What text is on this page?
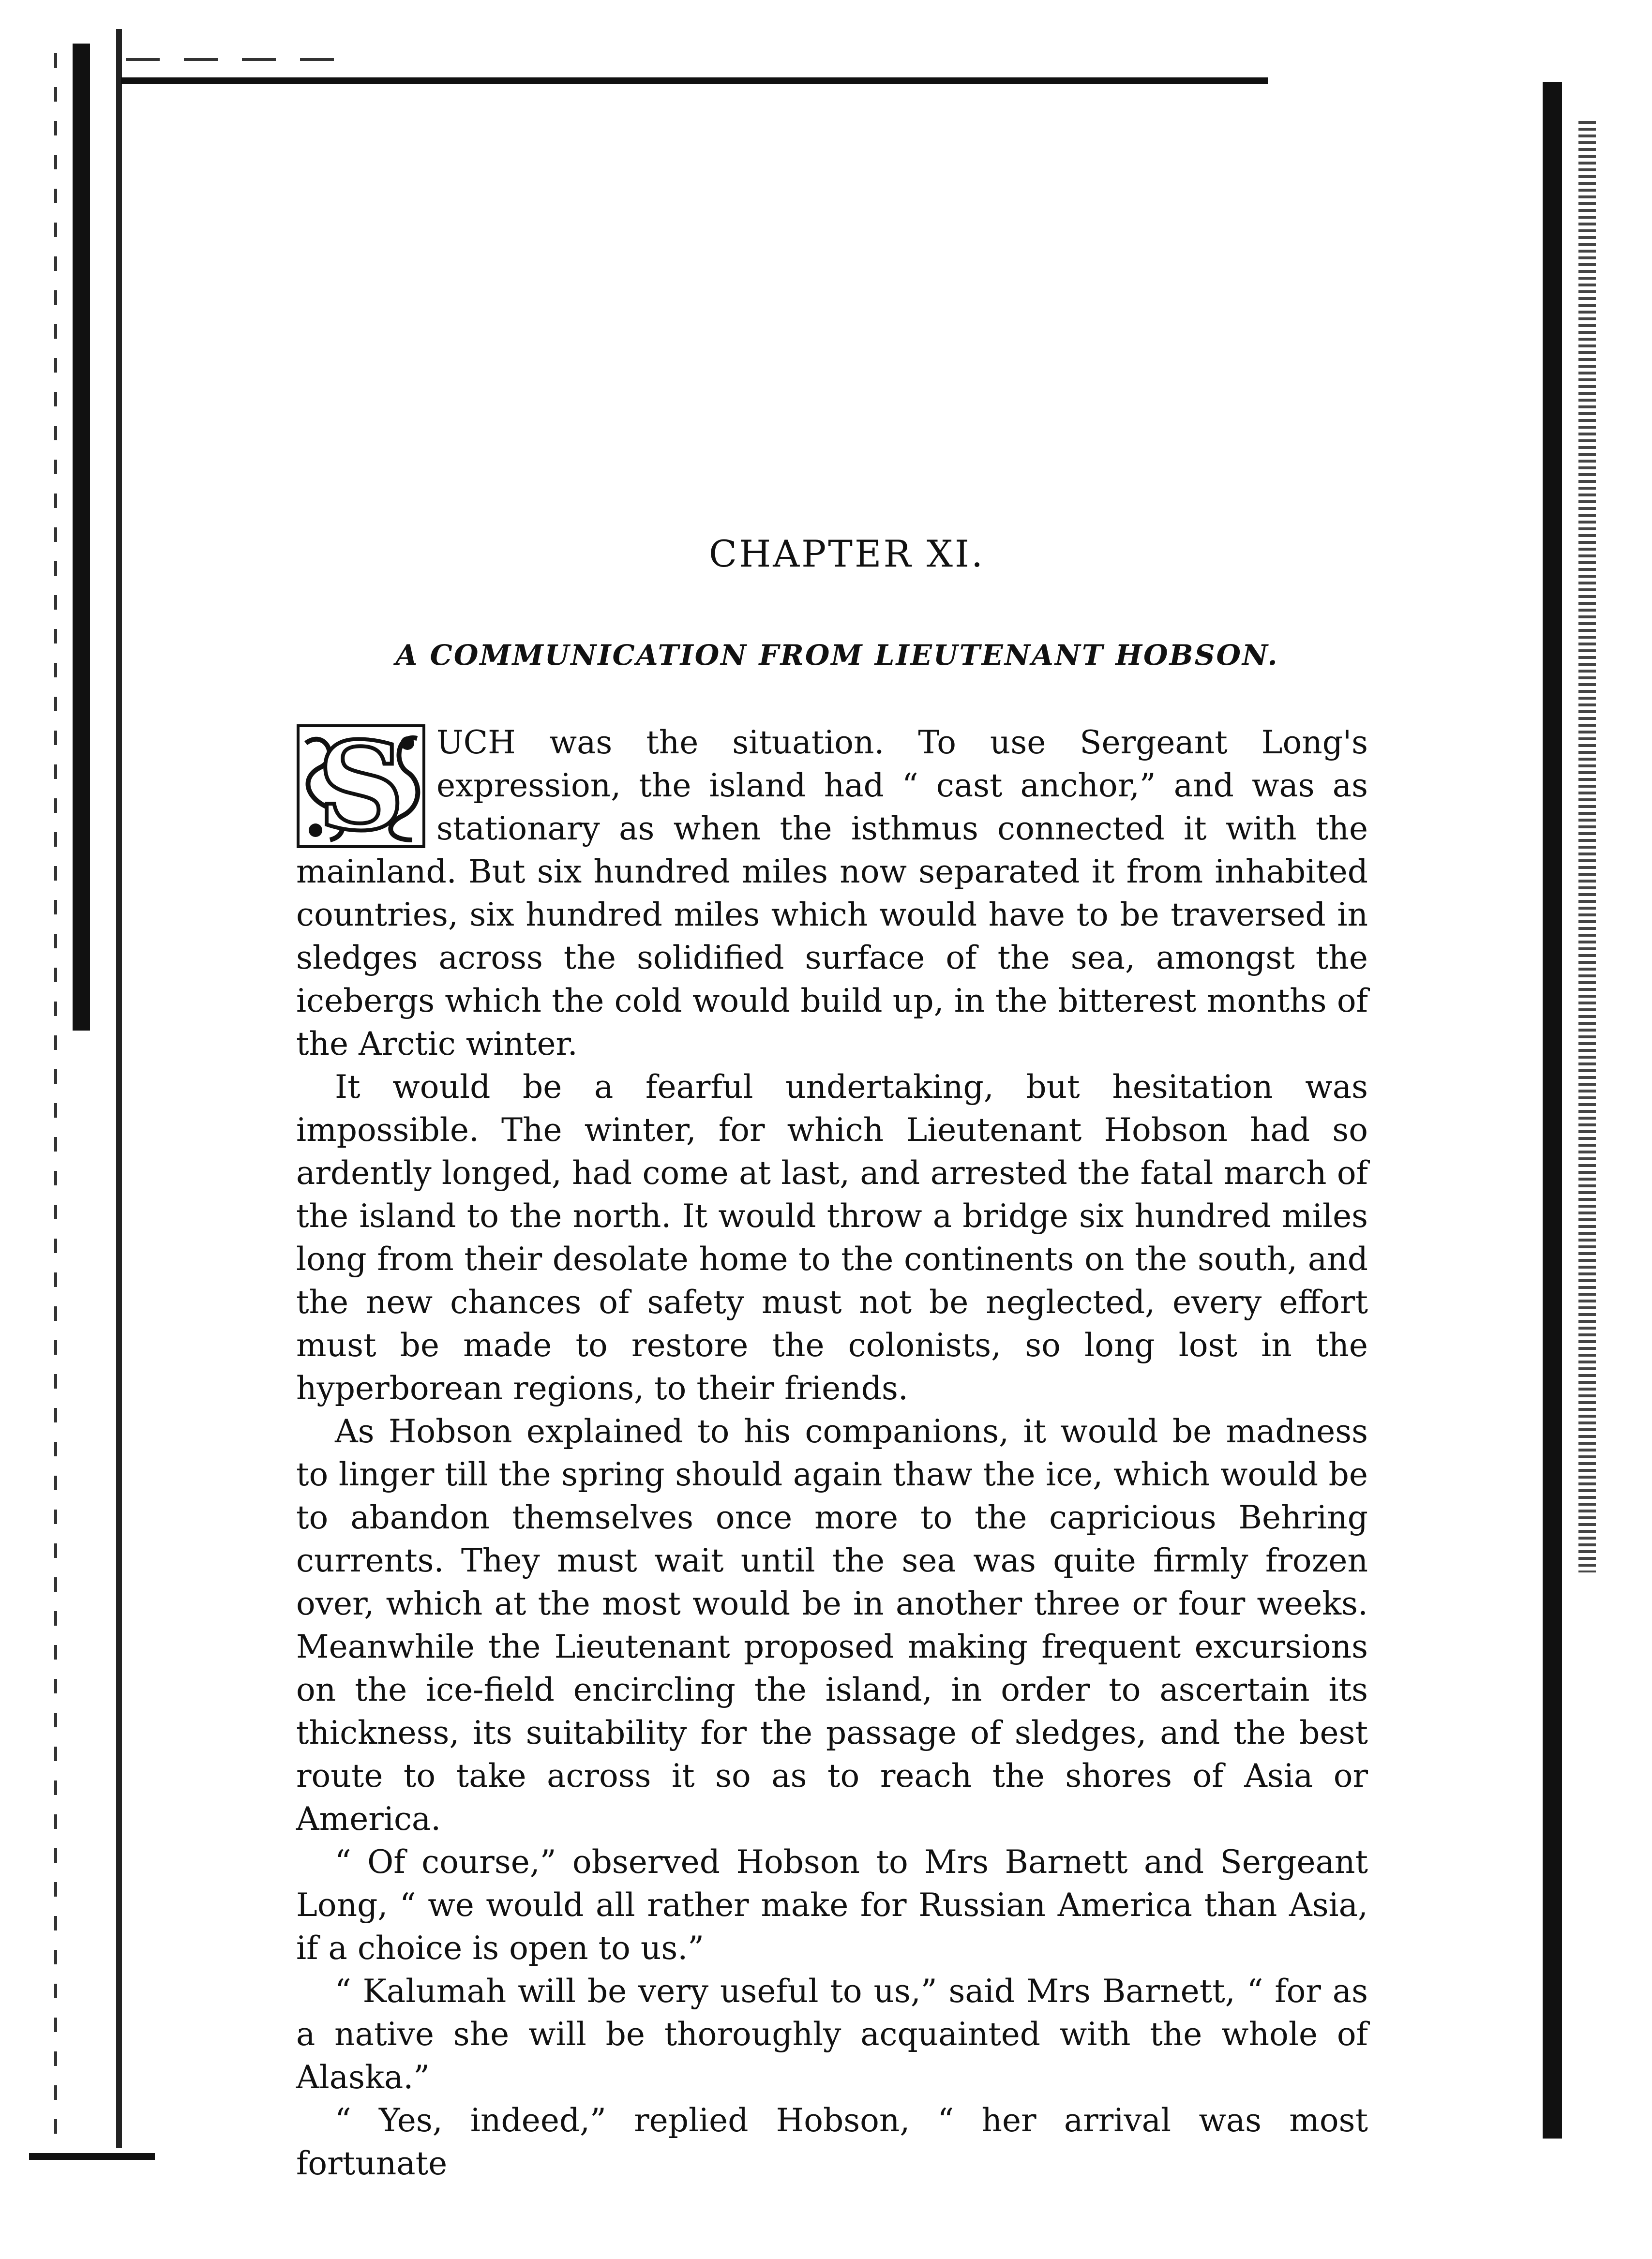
CHAPTER XI.
A COMMUNICATION FROM LIEUTENANT HOBSON.

S UCH was the situation. To use Sergeant Long's expression, the island had “ cast anchor,” and was as stationary as when the isthmus connected it with the mainland. But six hundred miles now separated it from inhabited countries, six hundred miles which would have to be traversed in sledges across the solidified surface of the sea, amongst the icebergs which the cold would build up, in the bitterest months of the Arctic winter.

It would be a fearful undertaking, but hesitation was impossible. The winter, for which Lieutenant Hobson had so ardently longed, had come at last, and arrested the fatal march of the island to the north. It would throw a bridge six hundred miles long from their desolate home to the continents on the south, and the new chances of safety must not be neglected, every effort must be made to restore the colonists, so long lost in the hyperborean regions, to their friends.

As Hobson explained to his companions, it would be madness to linger till the spring should again thaw the ice, which would be to abandon themselves once more to the capricious Behring currents. They must wait until the sea was quite firmly frozen over, which at the most would be in another three or four weeks. Meanwhile the Lieutenant proposed making frequent excursions on the ice-field encircling the island, in order to ascertain its thickness, its suitability for the passage of sledges, and the best route to take across it so as to reach the shores of Asia or America.

“ Of course,” observed Hobson to Mrs Barnett and Sergeant Long, “ we would all rather make for Russian America than Asia, if a choice is open to us.”

“ Kalumah will be very useful to us,” said Mrs Barnett, “ for as a native she will be thoroughly acquainted with the whole of Alaska.”

“ Yes, indeed,” replied Hobson, “ her arrival was most fortunate
